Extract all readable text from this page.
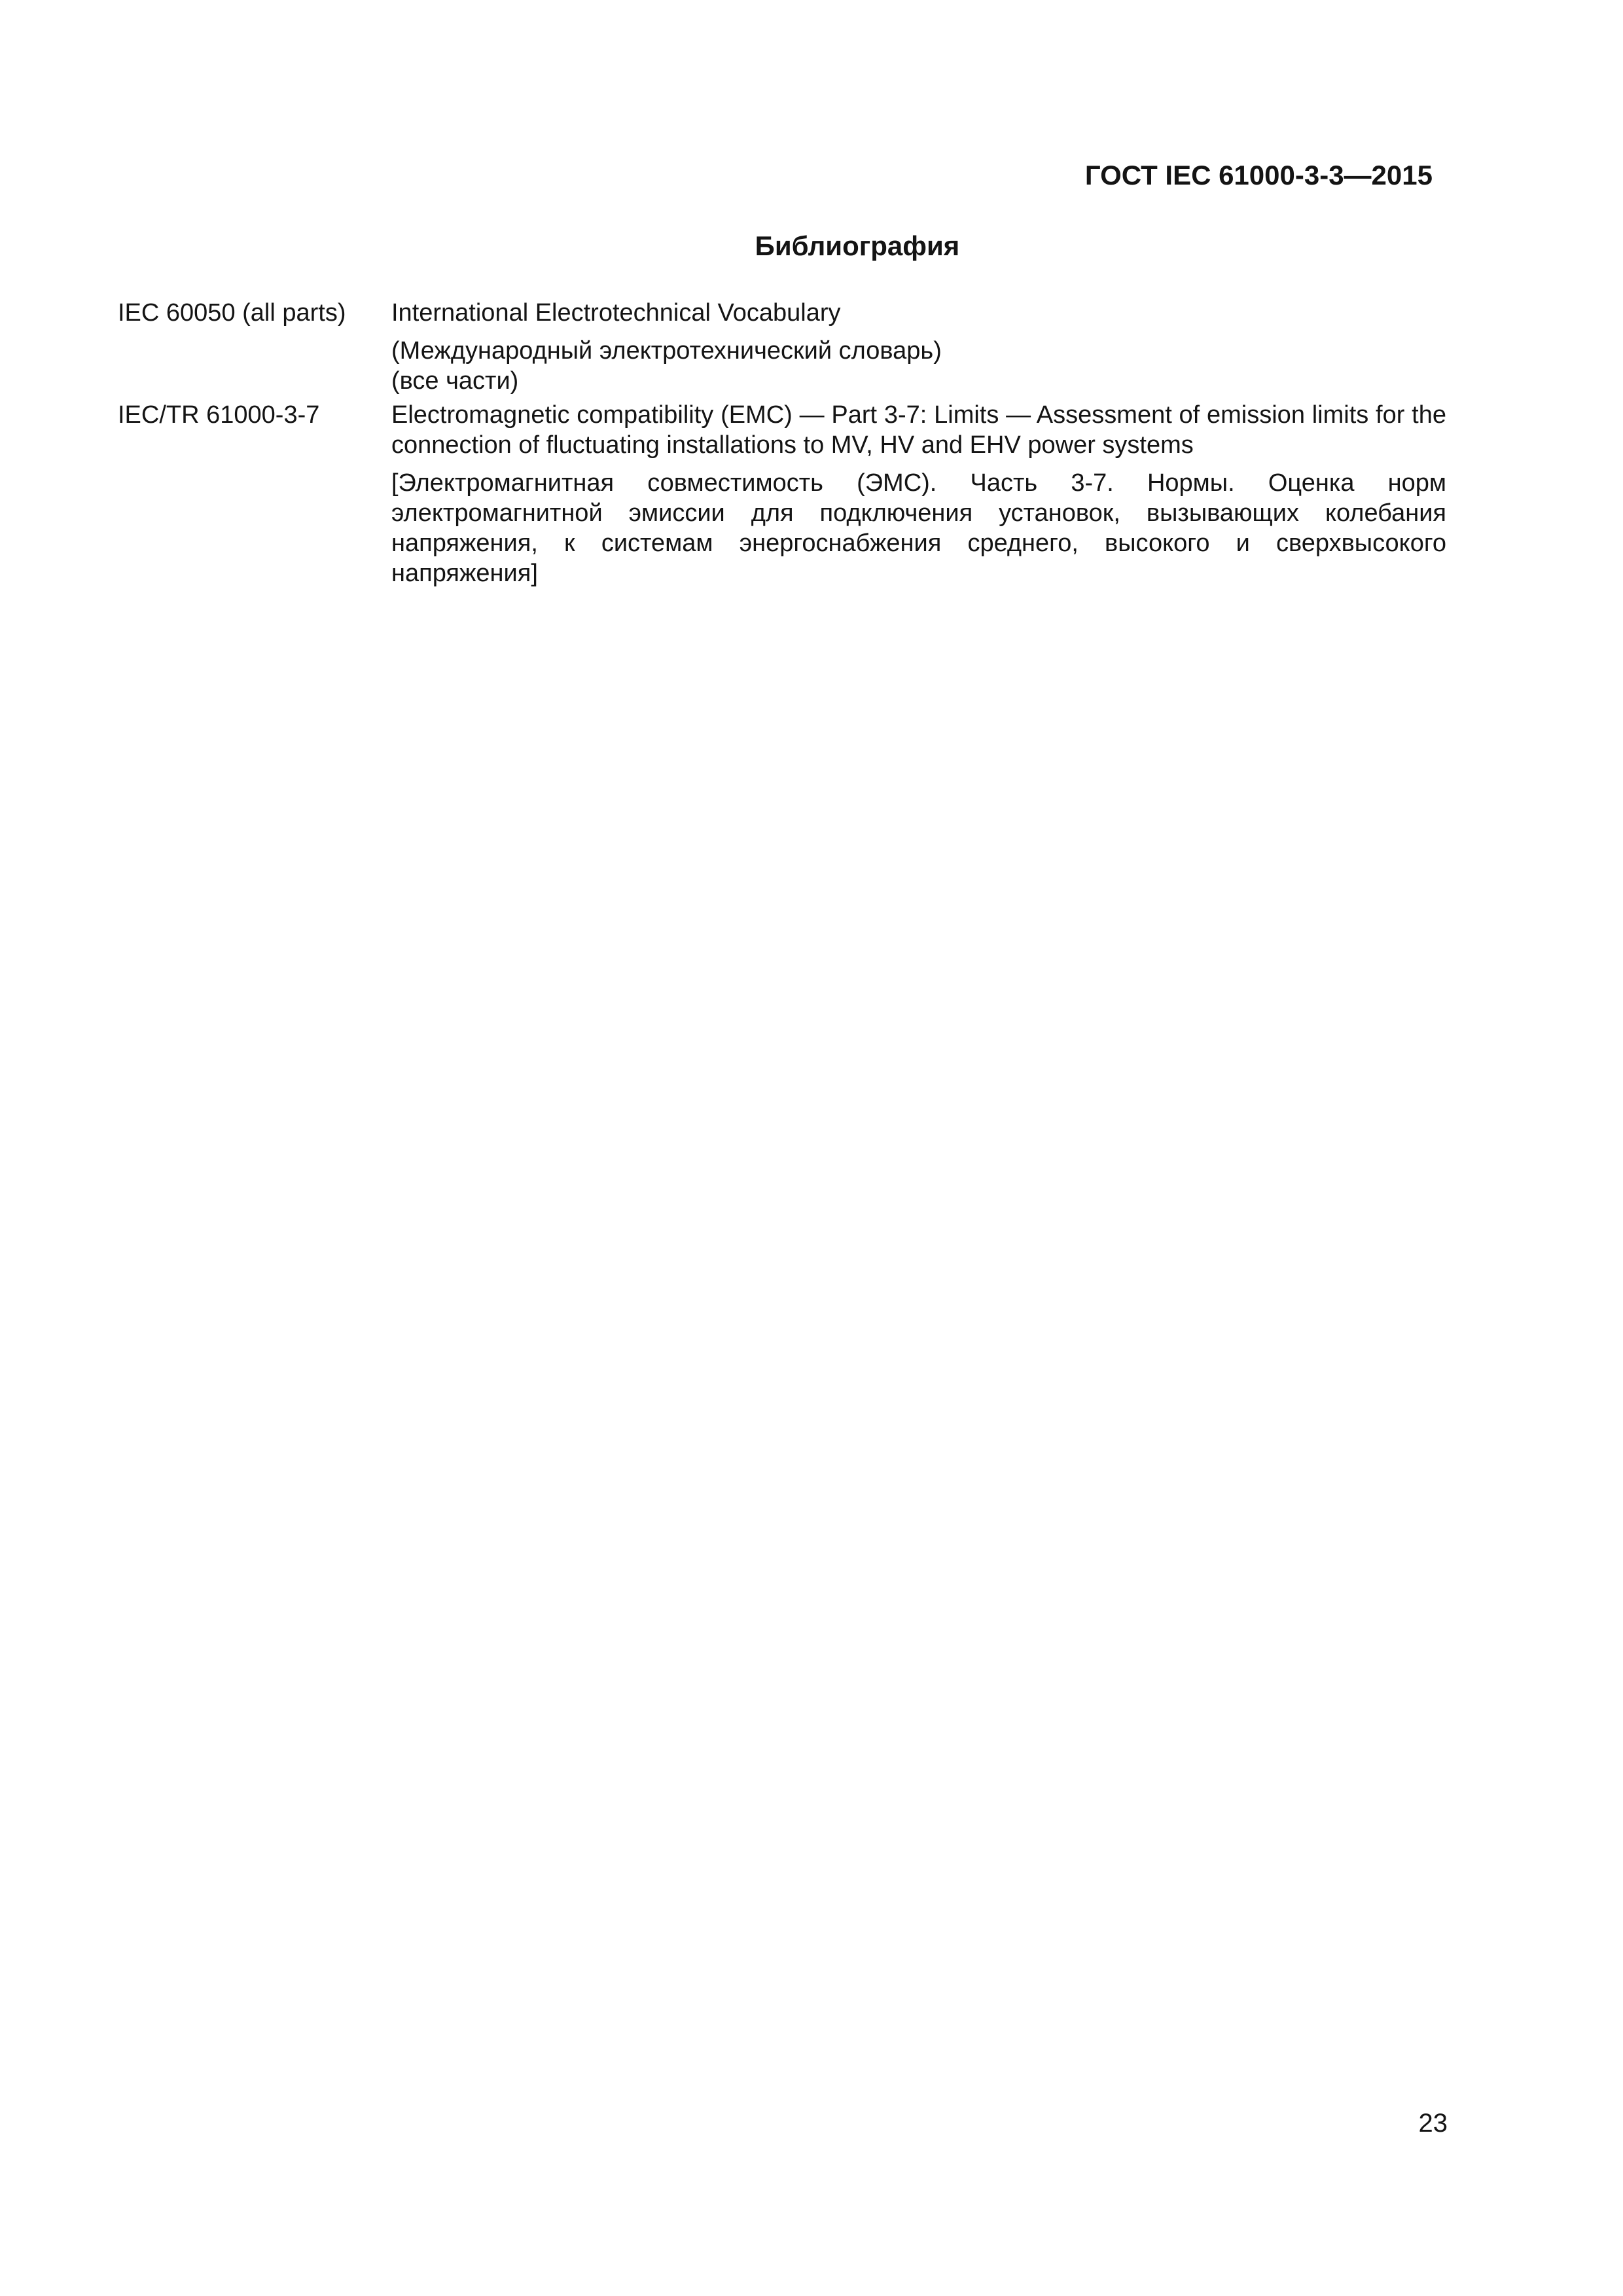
ГОСТ IEC 61000-3-3—2015
Библиография
IEC 60050 (all parts)	International Electrotechnical Vocabulary

(Международный электротехнический словарь)
(все части)

IEC/TR 61000-3-7	Electromagnetic compatibility (EMC) — Part 3-7: Limits — Assessment of emission limits for the connection of fluctuating installations to MV, HV and EHV power systems

[Электромагнитная совместимость (ЭМС). Часть 3-7. Нормы. Оценка норм электромагнитной эмиссии для подключения установок, вызывающих колебания напряжения, к системам энергоснабжения среднего, высокого и сверхвысокого напряжения]

23
